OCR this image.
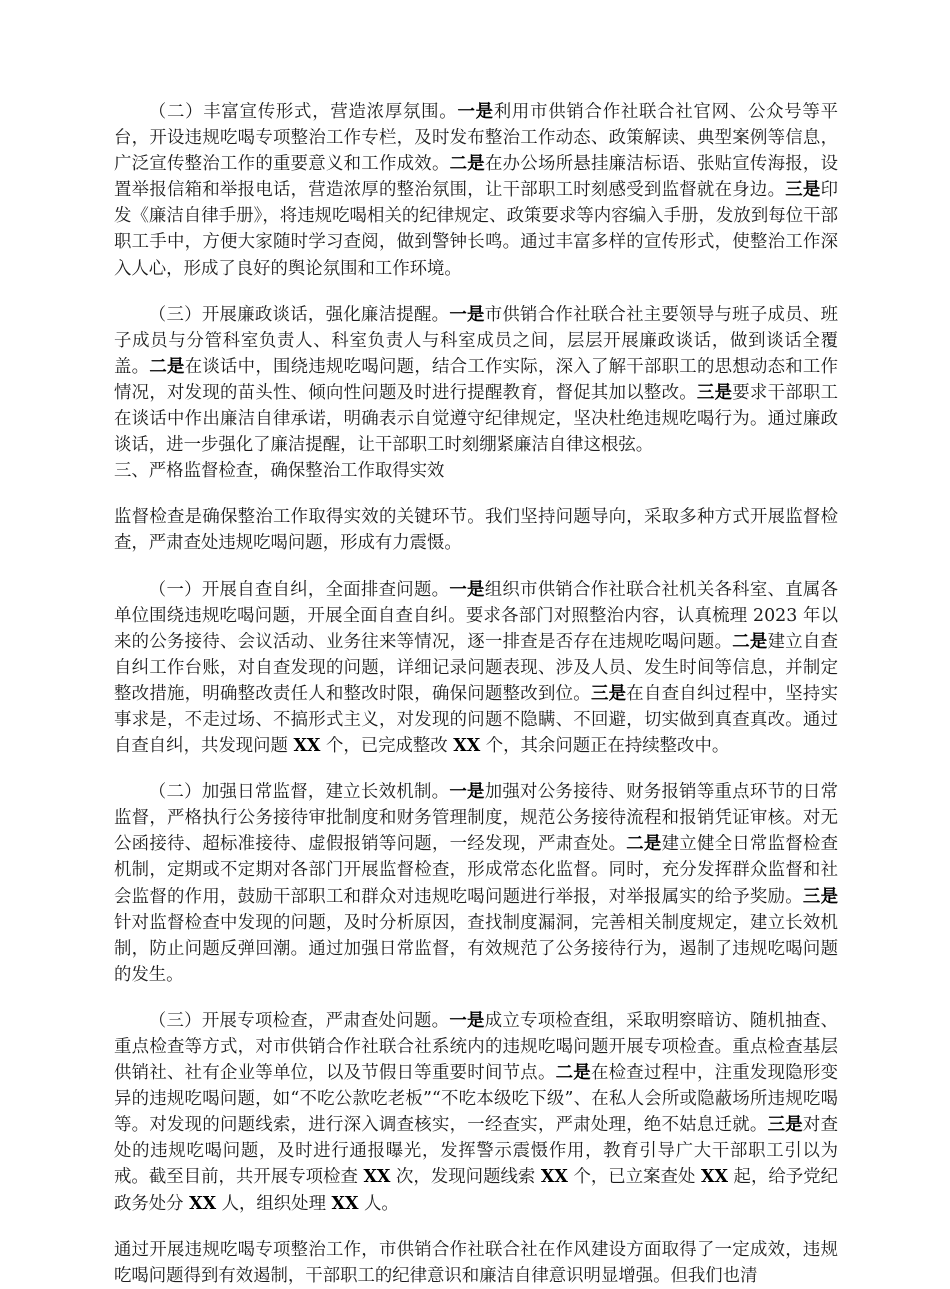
（二）丰富宣传形式，营造浓厚氛围。一是利用市供销合作社联合社官网、公众号等平台，开设违规吃喝专项整治工作专栏，及时发布整治工作动态、政策解读、典型案例等信息，广泛宣传整治工作的重要意义和工作成效。二是在办公场所悬挂廉洁标语、张贴宣传海报，设置举报信箱和举报电话，营造浓厚的整治氛围，让干部职工时刻感受到监督就在身边。三是印发《廉洁自律手册》，将违规吃喝相关的纪律规定、政策要求等内容编入手册，发放到每位干部职工手中，方便大家随时学习查阅，做到警钟长鸣。通过丰富多样的宣传形式，使整治工作深入人心，形成了良好的舆论氛围和工作环境。

（三）开展廉政谈话，强化廉洁提醒。一是市供销合作社联合社主要领导与班子成员、班子成员与分管科室负责人、科室负责人与科室成员之间，层层开展廉政谈话，做到谈话全覆盖。二是在谈话中，围绕违规吃喝问题，结合工作实际，深入了解干部职工的思想动态和工作情况，对发现的苗头性、倾向性问题及时进行提醒教育，督促其加以整改。三是要求干部职工在谈话中作出廉洁自律承诺，明确表示自觉遵守纪律规定，坚决杜绝违规吃喝行为。通过廉政谈话，进一步强化了廉洁提醒，让干部职工时刻绷紧廉洁自律这根弦。

三、严格监督检查，确保整治工作取得实效

监督检查是确保整治工作取得实效的关键环节。我们坚持问题导向，采取多种方式开展监督检查，严肃查处违规吃喝问题，形成有力震慑。

（一）开展自查自纠，全面排查问题。一是组织市供销合作社联合社机关各科室、直属各单位围绕违规吃喝问题，开展全面自查自纠。要求各部门对照整治内容，认真梳理 2023 年以来的公务接待、会议活动、业务往来等情况，逐一排查是否存在违规吃喝问题。二是建立自查自纠工作台账，对自查发现的问题，详细记录问题表现、涉及人员、发生时间等信息，并制定整改措施，明确整改责任人和整改时限，确保问题整改到位。三是在自查自纠过程中，坚持实事求是，不走过场、不搞形式主义，对发现的问题不隐瞒、不回避，切实做到真查真改。通过自查自纠，共发现问题 XX 个，已完成整改 XX 个，其余问题正在持续整改中。

（二）加强日常监督，建立长效机制。一是加强对公务接待、财务报销等重点环节的日常监督，严格执行公务接待审批制度和财务管理制度，规范公务接待流程和报销凭证审核。对无公函接待、超标准接待、虚假报销等问题，一经发现，严肃查处。二是建立健全日常监督检查机制，定期或不定期对各部门开展监督检查，形成常态化监督。同时，充分发挥群众监督和社会监督的作用，鼓励干部职工和群众对违规吃喝问题进行举报，对举报属实的给予奖励。三是针对监督检查中发现的问题，及时分析原因，查找制度漏洞，完善相关制度规定，建立长效机制，防止问题反弹回潮。通过加强日常监督，有效规范了公务接待行为，遏制了违规吃喝问题的发生。

（三）开展专项检查，严肃查处问题。一是成立专项检查组，采取明察暗访、随机抽查、重点检查等方式，对市供销合作社联合社系统内的违规吃喝问题开展专项检查。重点检查基层供销社、社有企业等单位，以及节假日等重要时间节点。二是在检查过程中，注重发现隐形变异的违规吃喝问题，如“不吃公款吃老板”“不吃本级吃下级”、在私人会所或隐蔽场所违规吃喝等。对发现的问题线索，进行深入调查核实，一经查实，严肃处理，绝不姑息迁就。三是对查处的违规吃喝问题，及时进行通报曝光，发挥警示震慑作用，教育引导广大干部职工引以为戒。截至目前，共开展专项检查 XX 次，发现问题线索 XX 个，已立案查处 XX 起，给予党纪政务处分 XX 人，组织处理 XX 人。

通过开展违规吃喝专项整治工作，市供销合作社联合社在作风建设方面取得了一定成效，违规吃喝问题得到有效遏制，干部职工的纪律意识和廉洁自律意识明显增强。但我们也清
